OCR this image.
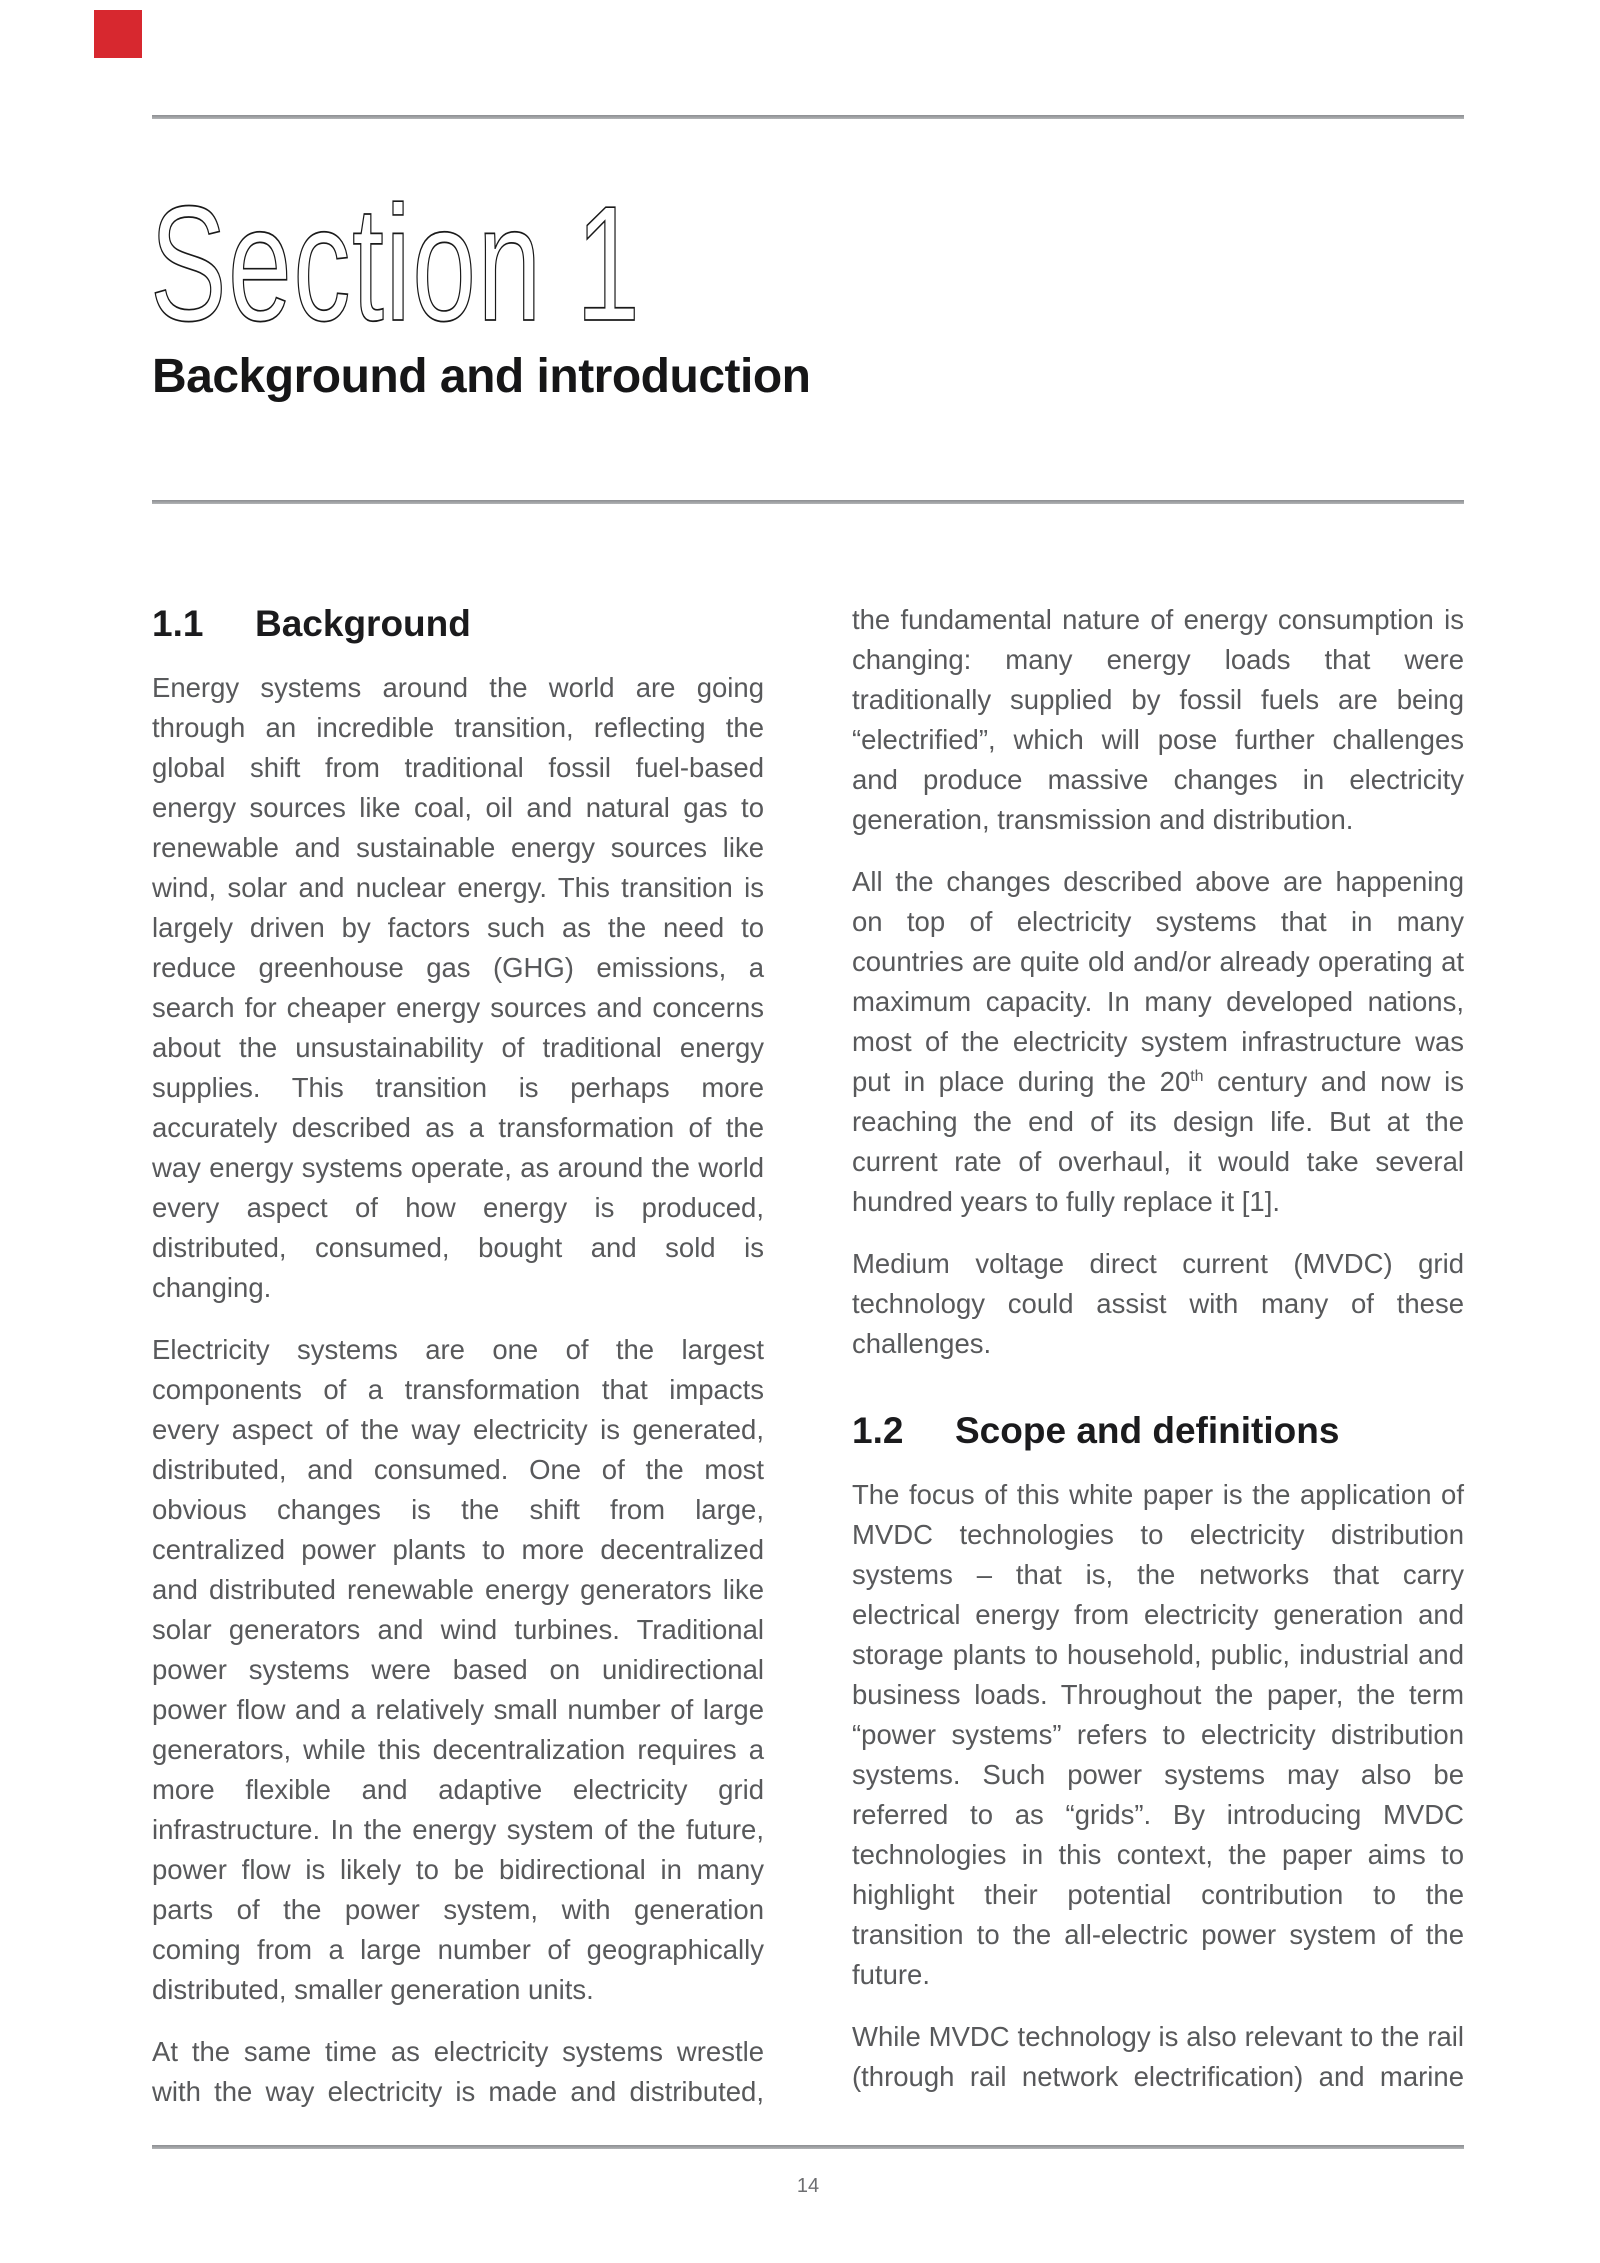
Section 1
Background and introduction
1.1 Background

Energy systems around the world are going through an incredible transition, reflecting the global shift from traditional fossil fuel-based energy sources like coal, oil and natural gas to renewable and sustainable energy sources like wind, solar and nuclear energy. This transition is largely driven by factors such as the need to reduce greenhouse gas (GHG) emissions, a search for cheaper energy sources and concerns about the unsustainability of traditional energy supplies. This transition is perhaps more accurately described as a transformation of the way energy systems operate, as around the world every aspect of how energy is produced, distributed, consumed, bought and sold is changing.

Electricity systems are one of the largest components of a transformation that impacts every aspect of the way electricity is generated, distributed, and consumed. One of the most obvious changes is the shift from large, centralized power plants to more decentralized and distributed renewable energy generators like solar generators and wind turbines. Traditional power systems were based on unidirectional power flow and a relatively small number of large generators, while this decentralization requires a more flexible and adaptive electricity grid infrastructure. In the energy system of the future, power flow is likely to be bidirectional in many parts of the power system, with generation coming from a large number of geographically distributed, smaller generation units.

At the same time as electricity systems wrestle with the way electricity is made and distributed,

the fundamental nature of energy consumption is changing: many energy loads that were traditionally supplied by fossil fuels are being “electrified”, which will pose further challenges and produce massive changes in electricity generation, transmission and distribution.

All the changes described above are happening on top of electricity systems that in many countries are quite old and/or already operating at maximum capacity. In many developed nations, most of the electricity system infrastructure was put in place during the 20th century and now is reaching the end of its design life. But at the current rate of overhaul, it would take several hundred years to fully replace it [1].

Medium voltage direct current (MVDC) grid technology could assist with many of these challenges.

1.2 Scope and definitions

The focus of this white paper is the application of MVDC technologies to electricity distribution systems – that is, the networks that carry electrical energy from electricity generation and storage plants to household, public, industrial and business loads. Throughout the paper, the term “power systems” refers to electricity distribution systems. Such power systems may also be referred to as “grids”. By introducing MVDC technologies in this context, the paper aims to highlight their potential contribution to the transition to the all-electric power system of the future.

While MVDC technology is also relevant to the rail (through rail network electrification) and marine

14
